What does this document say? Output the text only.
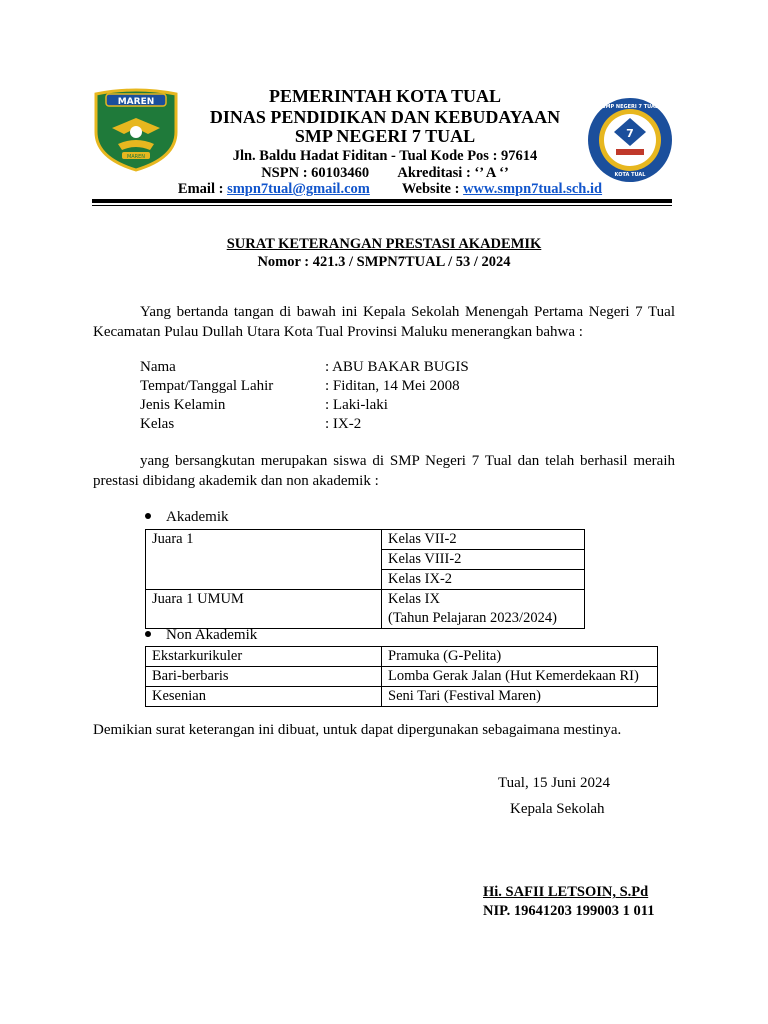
MAREN
MAREN
7
SMP NEGERI 7 TUAL
KOTA TUAL
PEMERINTAH KOTA TUAL
DINAS PENDIDIKAN DAN KEBUDAYAAN
SMP NEGERI 7 TUAL
Jln. Baldu Hadat Fiditan - Tual Kode Pos : 97614
NSPN : 60103460        Akreditasi : ‘’ A ‘’
Email : smpn7tual@gmail.com Website : www.smpn7tual.sch.id
SURAT KETERANGAN PRESTASI AKADEMIK
Nomor : 421.3 / SMPN7TUAL / 53 / 2024
Yang bertanda tangan di bawah ini Kepala Sekolah Menengah Pertama Negeri 7 Tual Kecamatan Pulau Dullah Utara Kota Tual Provinsi Maluku menerangkan bahwa :
Nama	: ABU BAKAR BUGIS
Tempat/Tanggal Lahir	: Fiditan, 14 Mei 2008
Jenis Kelamin	: Laki-laki
Kelas	: IX-2
yang bersangkutan merupakan siswa di SMP Negeri 7 Tual dan telah berhasil meraih prestasi dibidang akademik dan non akademik :
Akademik
Juara 1	Kelas VII-2
	Kelas VIII-2
	Kelas IX-2
Juara 1 UMUM	Kelas IX
(Tahun Pelajaran 2023/2024)
Non Akademik
Ekstarkurikuler	Pramuka (G-Pelita)
Bari-berbaris	Lomba Gerak Jalan (Hut Kemerdekaan RI)
Kesenian	Seni Tari (Festival Maren)
Demikian surat keterangan ini dibuat, untuk dapat dipergunakan sebagaimana mestinya.
Tual, 15 Juni 2024
Kepala Sekolah
Hi. SAFII LETSOIN, S.Pd
NIP. 19641203 199003 1 011
